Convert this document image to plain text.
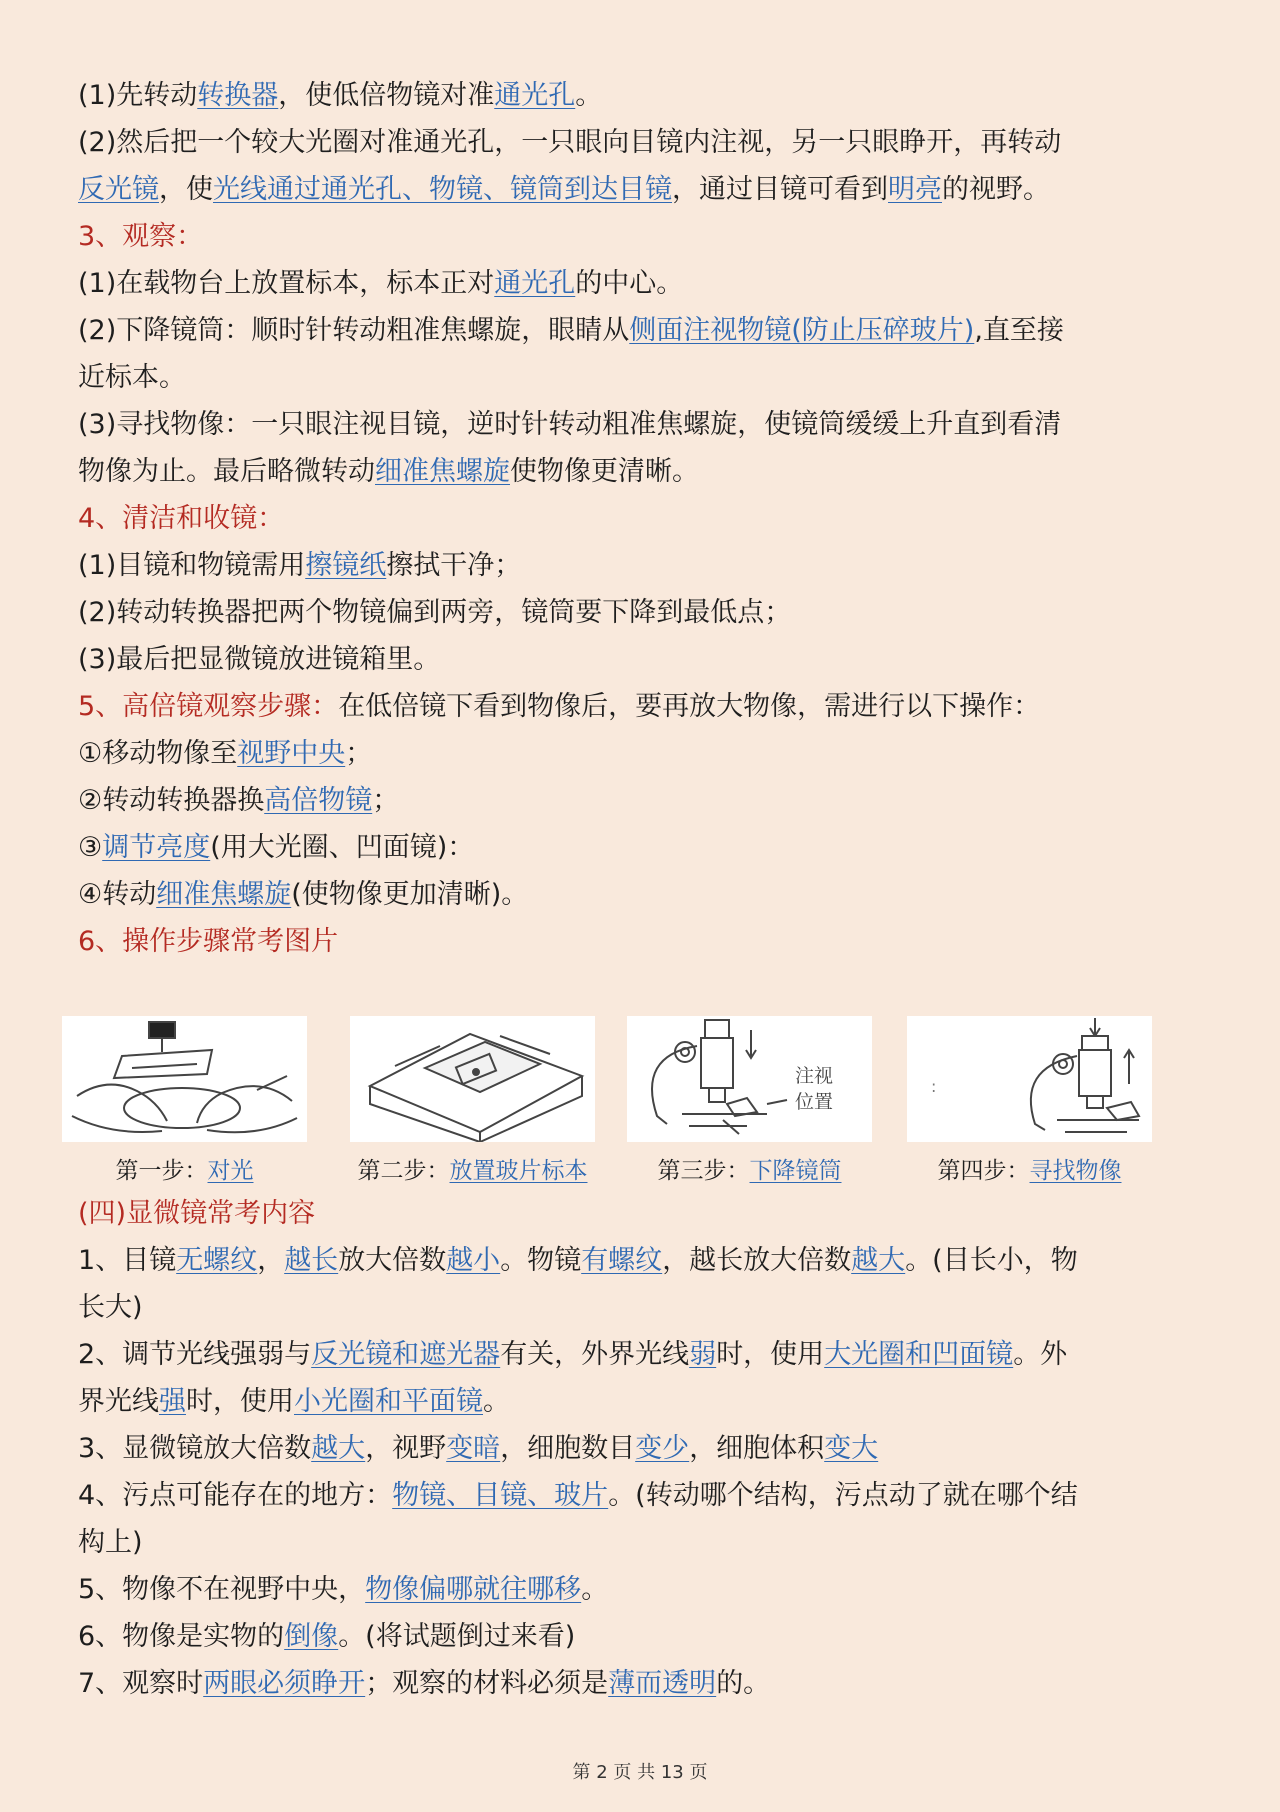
(1)先转动转换器，使低倍物镜对准通光孔。
(2)然后把一个较大光圈对准通光孔，一只眼向目镜内注视，另一只眼睁开，再转动
反光镜，使光线通过通光孔、物镜、镜筒到达目镜，通过目镜可看到明亮的视野。
3、观察：
(1)在载物台上放置标本，标本正对通光孔的中心。
(2)下降镜筒：顺时针转动粗准焦螺旋，眼睛从侧面注视物镜(防止压碎玻片),直至接
近标本。
(3)寻找物像：一只眼注视目镜，逆时针转动粗准焦螺旋，使镜筒缓缓上升直到看清
物像为止。最后略微转动细准焦螺旋使物像更清晰。
4、清洁和收镜：
(1)目镜和物镜需用擦镜纸擦拭干净；
(2)转动转换器把两个物镜偏到两旁，镜筒要下降到最低点；
(3)最后把显微镜放进镜箱里。
5、高倍镜观察步骤：在低倍镜下看到物像后，要再放大物像，需进行以下操作：
①移动物像至视野中央；
②转动转换器换高倍物镜；
③调节亮度(用大光圈、凹面镜)：
④转动细准焦螺旋(使物像更加清晰)。
6、操作步骤常考图片
第一步：对光	第二步：放置玻片标本
注视
位置
第三步：下降镜筒
:
第四步：寻找物像
(四)显微镜常考内容
1、目镜无螺纹，越长放大倍数越小。物镜有螺纹，越长放大倍数越大。(目长小，物
长大)
2、调节光线强弱与反光镜和遮光器有关，外界光线弱时，使用大光圈和凹面镜。外
界光线强时，使用小光圈和平面镜。
3、显微镜放大倍数越大，视野变暗，细胞数目变少，细胞体积变大
4、污点可能存在的地方：物镜、目镜、玻片。(转动哪个结构，污点动了就在哪个结
构上)
5、物像不在视野中央，物像偏哪就往哪移。
6、物像是实物的倒像。(将试题倒过来看)
7、观察时两眼必须睁开；观察的材料必须是薄而透明的。
第 2 页 共 13 页
